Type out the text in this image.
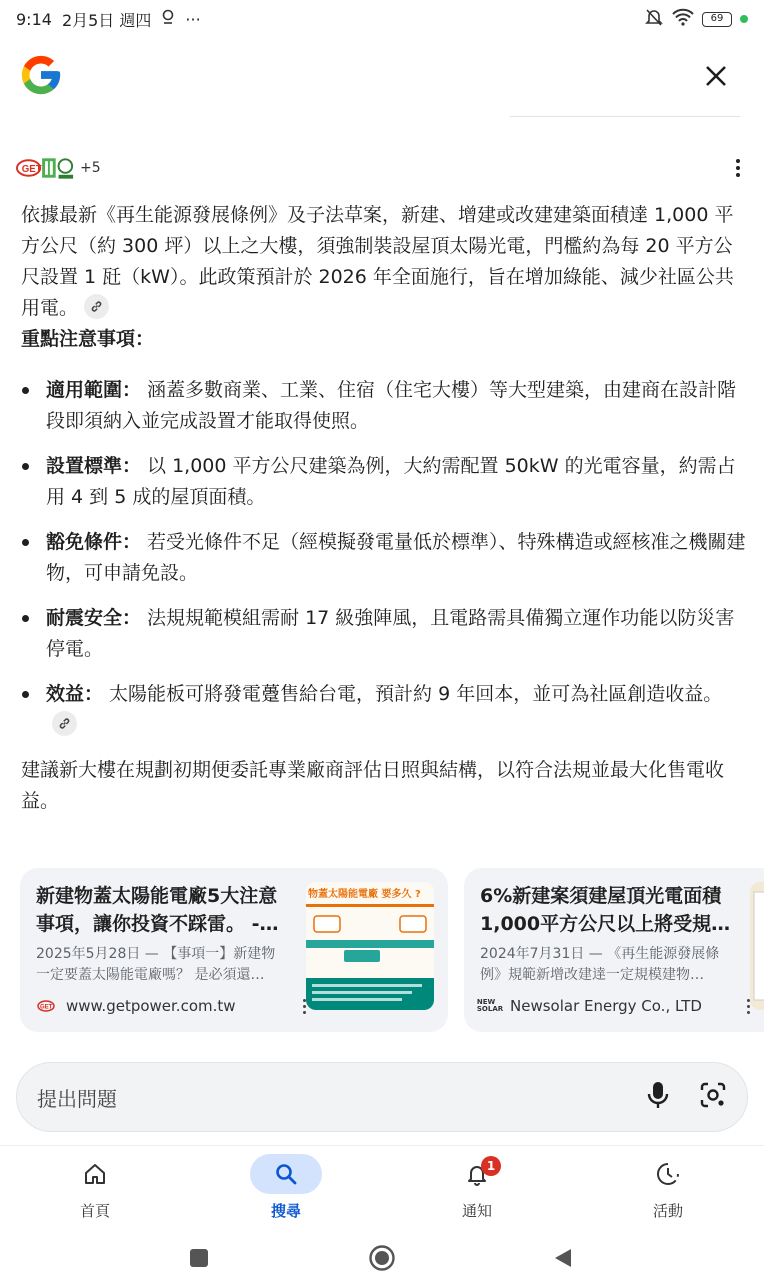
9:14 2月5日 週四 ···	69
GET	+5

依據最新《再生能源發展條例》及子法草案，新建、增建或改建建築面積達 1,000 平方公尺（約 300 坪）以上之大樓，須強制裝設屋頂太陽光電，門檻約為每 20 平方公尺設置 1 瓩（kW）。此政策預計於 2026 年全面施行，旨在增加綠能、減少社區公共用電。

重點注意事項：

適用範圍： 涵蓋多數商業、工業、住宿（住宅大樓）等大型建築，由建商在設計階段即須納入並完成設置才能取得使照。
設置標準： 以 1,000 平方公尺建築為例，大約需配置 50kW 的光電容量，約需占用 4 到 5 成的屋頂面積。
豁免條件： 若受光條件不足（經模擬發電量低於標準）、特殊構造或經核准之機關建物，可申請免設。
耐震安全： 法規規範模組需耐 17 級強陣風，且電路需具備獨立運作功能以防災害停電。
效益： 太陽能板可將發電躉售給台電，預計約 9 年回本，並可為社區創造收益。

建議新大樓在規劃初期便委託專業廠商評估日照與結構，以符合法規並最大化售電收益。

新建物蓋太陽能電廠5大注意
事項，讓你投資不踩雷。 -…
2025年5月28日 — 【事項一】新建物
一定要蓋太陽能電廠嗎？ 是必須還…
GET www.getpower.com.tw
物蓋太陽能電廠 要多久 ?	6%新建案須建屋頂光電面積
1,000平方公尺以上將受規…
2024年7月31日 — 《再生能源發展條
例》規範新增改建達一定規模建物…
NEW SOLAR Newsolar Energy Co., LTD
提出問題
首頁	搜尋
1
通知	活動
